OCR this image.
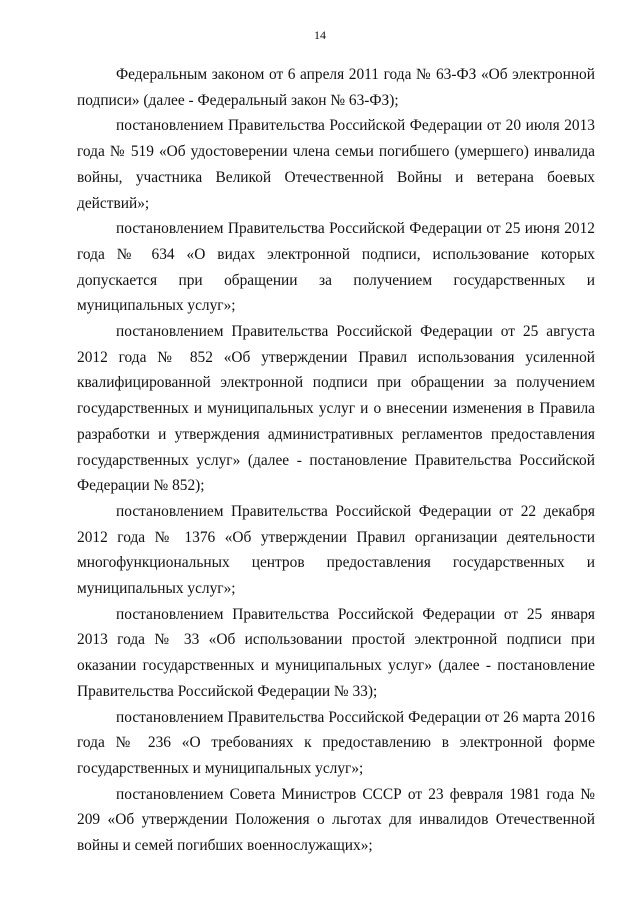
14

Федеральным законом от 6 апреля 2011 года № 63-ФЗ «Об электронной подписи» (далее - Федеральный закон № 63-ФЗ);

постановлением Правительства Российской Федерации от 20 июля 2013 года № 519 «Об удостоверении члена семьи погибшего (умершего) инвалида войны, участника Великой Отечественной Войны и ветерана боевых действий»;

постановлением Правительства Российской Федерации от 25 июня 2012 года № 634 «О видах электронной подписи, использование которых допускается при обращении за получением государственных и муниципальных услуг»;

постановлением Правительства Российской Федерации от 25 августа 2012 года № 852 «Об утверждении Правил использования усиленной квалифицированной электронной подписи при обращении за получением государственных и муниципальных услуг и о внесении изменения в Правила разработки и утверждения административных регламентов предоставления государственных услуг» (далее - постановление Правительства Российской Федерации № 852);

постановлением Правительства Российской Федерации от 22 декабря 2012 года № 1376 «Об утверждении Правил организации деятельности многофункциональных центров предоставления государственных и муниципальных услуг»;

постановлением Правительства Российской Федерации от 25 января 2013 года № 33 «Об использовании простой электронной подписи при оказании государственных и муниципальных услуг» (далее - постановление Правительства Российской Федерации № 33);

постановлением Правительства Российской Федерации от 26 марта 2016 года № 236 «О требованиях к предоставлению в электронной форме государственных и муниципальных услуг»;

постановлением Совета Министров СССР от 23 февраля 1981 года № 209 «Об утверждении Положения о льготах для инвалидов Отечественной войны и семей погибших военнослужащих»;
